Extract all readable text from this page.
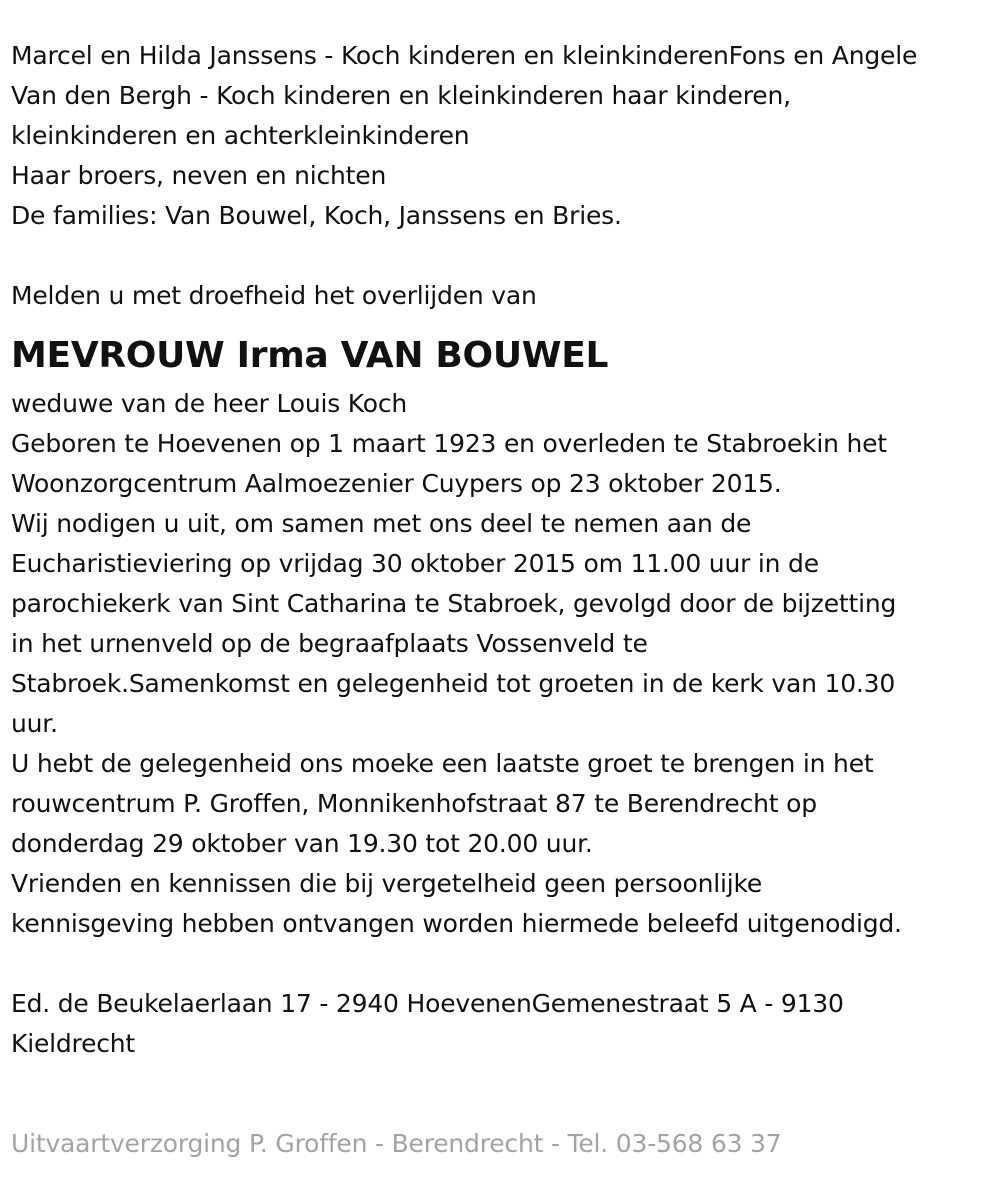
Marcel en Hilda Janssens - Koch kinderen en kleinkinderenFons en Angele
Van den Bergh - Koch kinderen en kleinkinderen haar kinderen,
kleinkinderen en achterkleinkinderen
Haar broers, neven en nichten
De families: Van Bouwel, Koch, Janssens en Bries.
Melden u met droefheid het overlijden van
MEVROUW Irma VAN BOUWEL
weduwe van de heer Louis Koch
Geboren te Hoevenen op 1 maart 1923 en overleden te Stabroekin het
Woonzorgcentrum Aalmoezenier Cuypers op 23 oktober 2015.
Wij nodigen u uit, om samen met ons deel te nemen aan de
Eucharistieviering op vrijdag 30 oktober 2015 om 11.00 uur in de
parochiekerk van Sint Catharina te Stabroek, gevolgd door de bijzetting
in het urnenveld op de begraafplaats Vossenveld te
Stabroek.Samenkomst en gelegenheid tot groeten in de kerk van 10.30
uur.
U hebt de gelegenheid ons moeke een laatste groet te brengen in het
rouwcentrum P. Groffen, Monnikenhofstraat 87 te Berendrecht op
donderdag 29 oktober van 19.30 tot 20.00 uur.
Vrienden en kennissen die bij vergetelheid geen persoonlijke
kennisgeving hebben ontvangen worden hiermede beleefd uitgenodigd.
Ed. de Beukelaerlaan 17 - 2940 HoevenenGemenestraat 5 A - 9130
Kieldrecht
Uitvaartverzorging P. Groffen - Berendrecht - Tel. 03-568 63 37
